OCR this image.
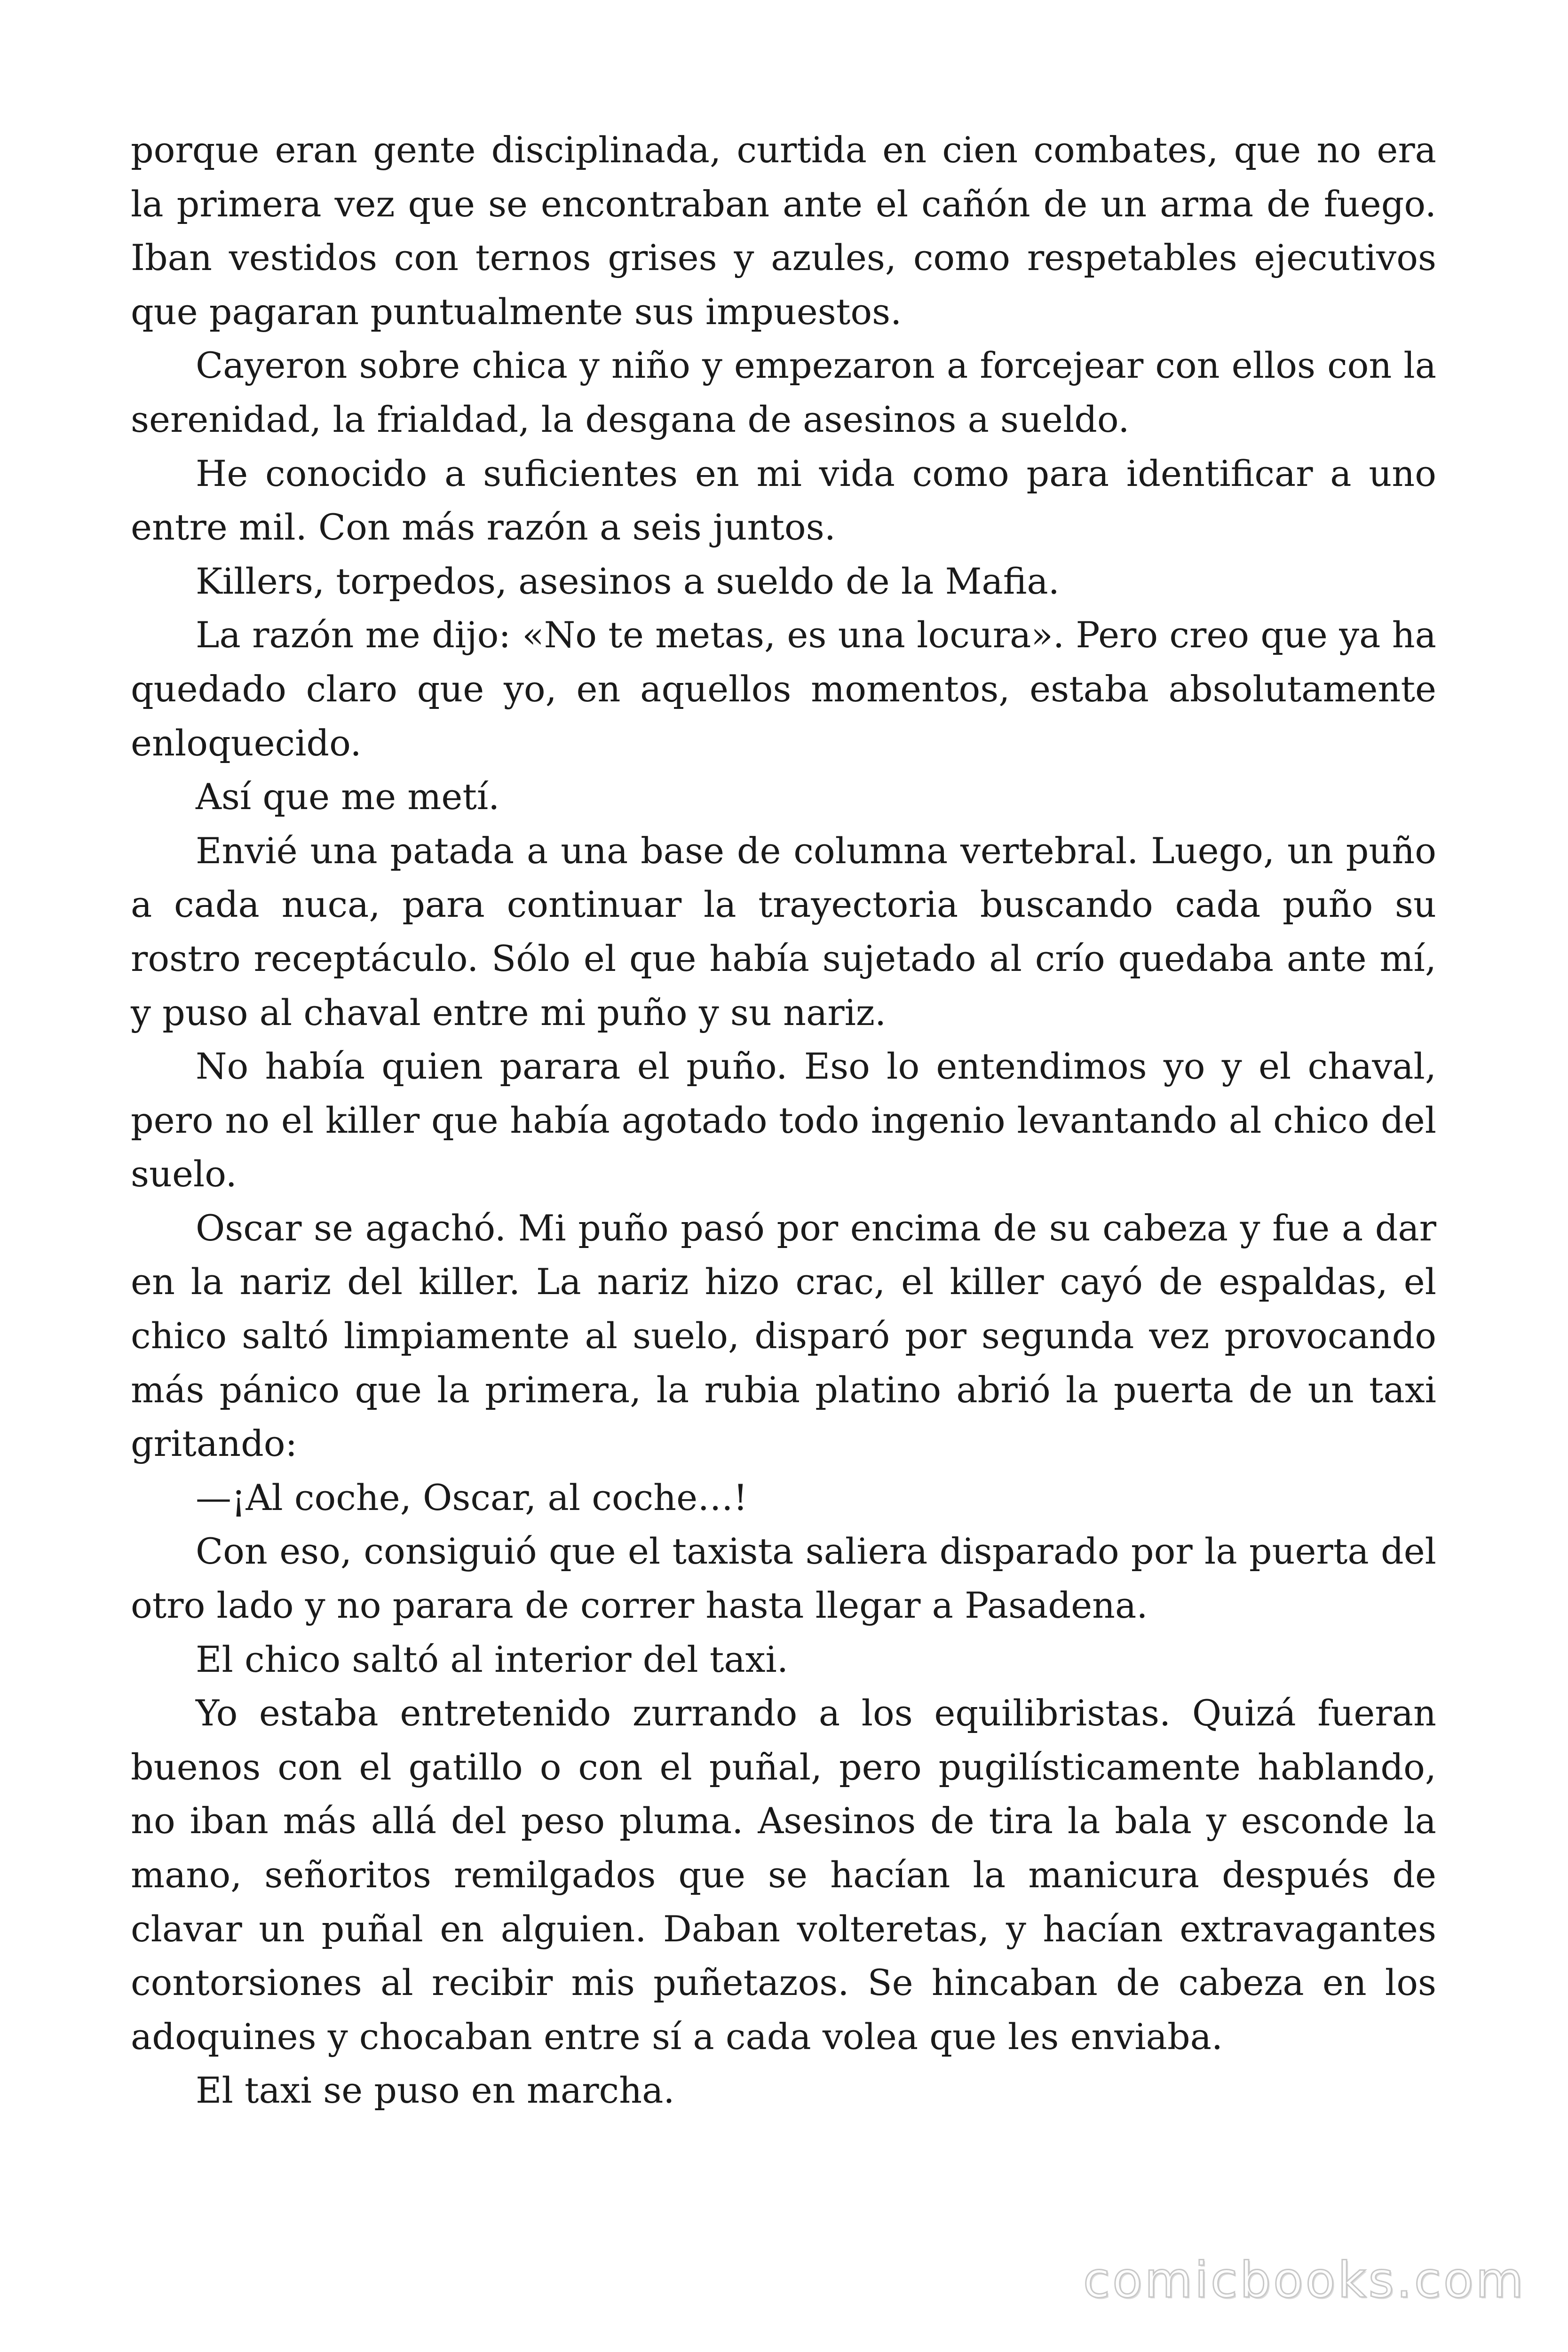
porque eran gente disciplinada, curtida en cien combates, que no era la primera vez que se encontraban ante el cañón de un arma de fuego. Iban vestidos con ternos grises y azules, como respetables ejecutivos que pagaran puntualmente sus impuestos.

Cayeron sobre chica y niño y empezaron a forcejear con ellos con la serenidad, la frialdad, la desgana de asesinos a sueldo.

He conocido a suficientes en mi vida como para identificar a uno entre mil. Con más razón a seis juntos.

Killers, torpedos, asesinos a sueldo de la Mafia.

La razón me dijo: «No te metas, es una locura». Pero creo que ya ha quedado claro que yo, en aquellos momentos, estaba absolutamente enloquecido.

Así que me metí.

Envié una patada a una base de columna vertebral. Luego, un puño a cada nuca, para continuar la trayectoria buscando cada puño su rostro receptáculo. Sólo el que había sujetado al crío quedaba ante mí, y puso al chaval entre mi puño y su nariz.

No había quien parara el puño. Eso lo entendimos yo y el chaval, pero no el killer que había agotado todo ingenio levantando al chico del suelo.

Oscar se agachó. Mi puño pasó por encima de su cabeza y fue a dar en la nariz del killer. La nariz hizo crac, el killer cayó de espaldas, el chico saltó limpiamente al suelo, disparó por segunda vez provocando más pánico que la primera, la rubia platino abrió la puerta de un taxi gritando:

—¡Al coche, Oscar, al coche…!

Con eso, consiguió que el taxista saliera disparado por la puerta del otro lado y no parara de correr hasta llegar a Pasadena.

El chico saltó al interior del taxi.

Yo estaba entretenido zurrando a los equilibristas. Quizá fueran buenos con el gatillo o con el puñal, pero pugilísticamente hablando, no iban más allá del peso pluma. Asesinos de tira la bala y esconde la mano, señoritos remilgados que se hacían la manicura después de clavar un puñal en alguien. Daban volteretas, y hacían extravagantes contorsiones al recibir mis puñetazos. Se hincaban de cabeza en los adoquines y chocaban entre sí a cada volea que les enviaba.

El taxi se puso en marcha.

comicbooks.com
